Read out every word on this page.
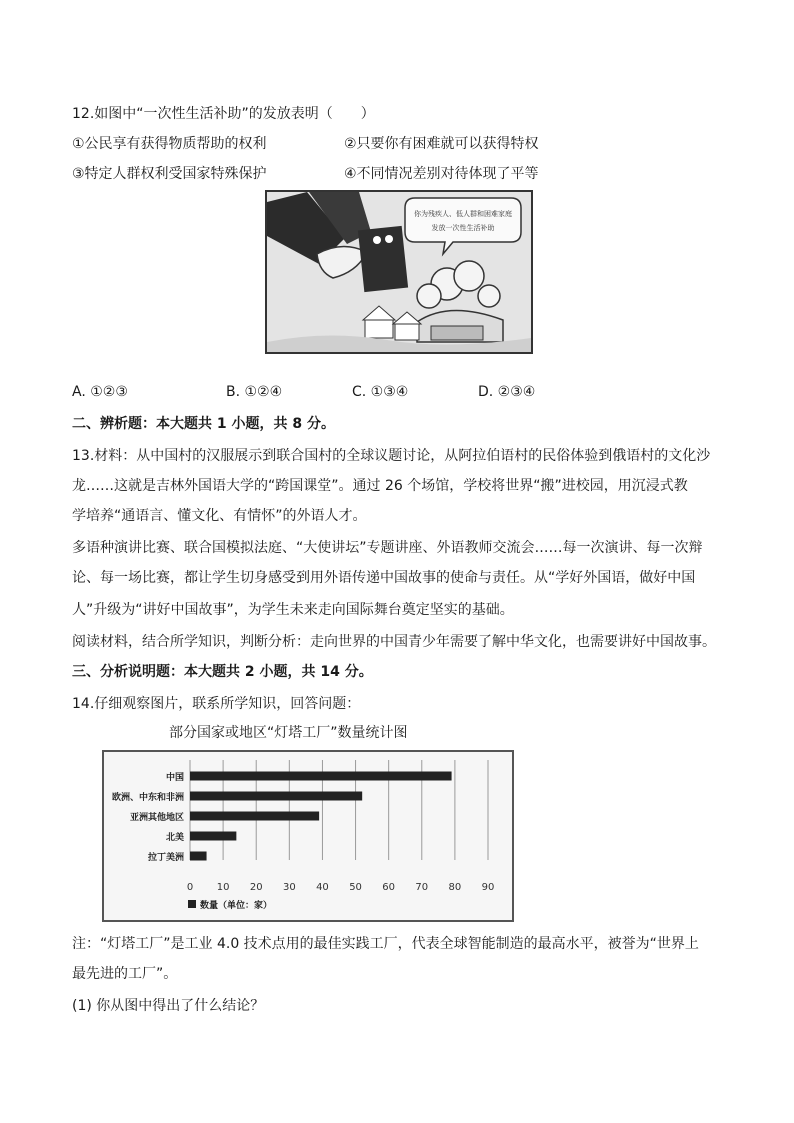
12.如图中“一次性生活补助”的发放表明（　　）
①公民享有获得物质帮助的权利	②只要你有困难就可以获得特权
③特定人群权利受国家特殊保护	④不同情况差别对待体现了平等
你为残疾人、低人群和困难家庭
发放一次性生活补助
A. ①②③	B. ①②④	C. ①③④	D. ②③④
二、辨析题：本大题共 1 小题，共 8 分。
13.材料：从中国村的汉服展示到联合国村的全球议题讨论，从阿拉伯语村的民俗体验到俄语村的文化沙
龙……这就是吉林外国语大学的“跨国课堂”。通过 26 个场馆，学校将世界“搬”进校园，用沉浸式教
学培养“通语言、懂文化、有情怀”的外语人才。
多语种演讲比赛、联合国模拟法庭、“大使讲坛”专题讲座、外语教师交流会……每一次演讲、每一次辩
论、每一场比赛，都让学生切身感受到用外语传递中国故事的使命与责任。从“学好外国语，做好中国
人”升级为“讲好中国故事”，为学生未来走向国际舞台奠定坚实的基础。
阅读材料，结合所学知识，判断分析：走向世界的中国青少年需要了解中华文化，也需要讲好中国故事。
三、分析说明题：本大题共 2 小题，共 14 分。
14.仔细观察图片，联系所学知识，回答问题：
部分国家或地区“灯塔工厂”数量统计图
0 10 20 30 40 50 60 70 80 90
中国
欧洲、中东和非洲
亚洲其他地区
北美
拉丁美洲
数量（单位：家）
注：“灯塔工厂”是工业 4.0 技术点用的最佳实践工厂，代表全球智能制造的最高水平，被誉为“世界上
最先进的工厂”。
(1) 你从图中得出了什么结论？
